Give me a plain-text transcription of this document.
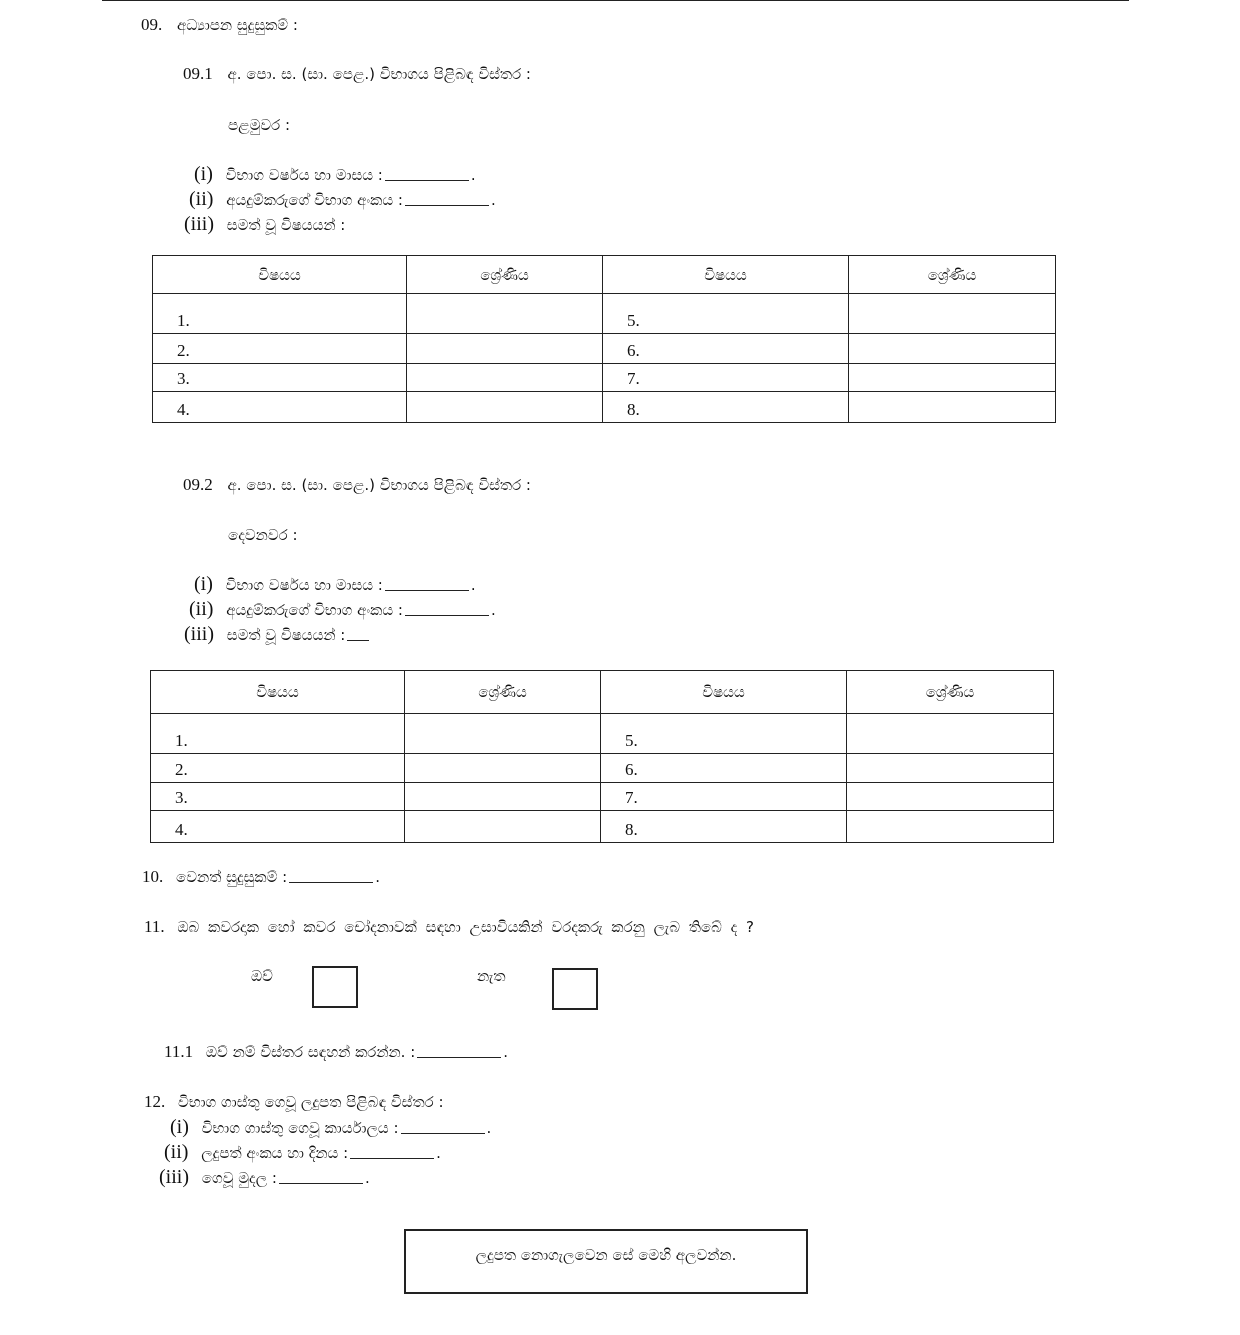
09. අධ්‍යාපන සුදුසුකම් :
09.1 අ. පො. ස. (සා. පෙළ.) විභාගය පිළිබඳ විස්තර :
පළමුවර :
(i) විභාග වර්ෂය හා මාසය :	.
(ii) අයදුම්කරුගේ විභාග අංකය :	.
(iii) සමත් වූ විෂයයන් :
විෂයය	ශ්‍රේණිය	විෂයය	ශ්‍රේණිය
1.		5.	
2.		6.	
3.		7.	
4.		8.	
09.2 අ. පො. ස. (සා. පෙළ.) විභාගය පිළිබඳ විස්තර :
දෙවනවර :
(i) විභාග වර්ෂය හා මාසය :	.
(ii) අයදුම්කරුගේ විභාග අංකය :	.
(iii) සමත් වූ විෂයයන් :
විෂයය	ශ්‍රේණිය	විෂයය	ශ්‍රේණිය
1.		5.	
2.		6.	
3.		7.	
4.		8.	
10. වෙනත් සුදුසුකම් :	.
11. ඔබ කවරදාක හෝ කවර චෝදනාවක් සඳහා උසාවියකින් වරදකරු කරනු ලැබ තිබේ ද ?
ඔව්	නැත
11.1 ඔව් නම් විස්තර සඳහන් කරන්න. :	.
12. විභාග ගාස්තු ගෙවූ ලදුපත පිළිබඳ විස්තර :
(i) විභාග ගාස්තු ගෙවූ කාර්යාලය :	.
(ii) ලදුපත් අංකය හා දිනය :	.
(iii) ගෙවූ මුදල :	.
ලදුපත නොගැලවෙන සේ මෙහි අලවන්න.
